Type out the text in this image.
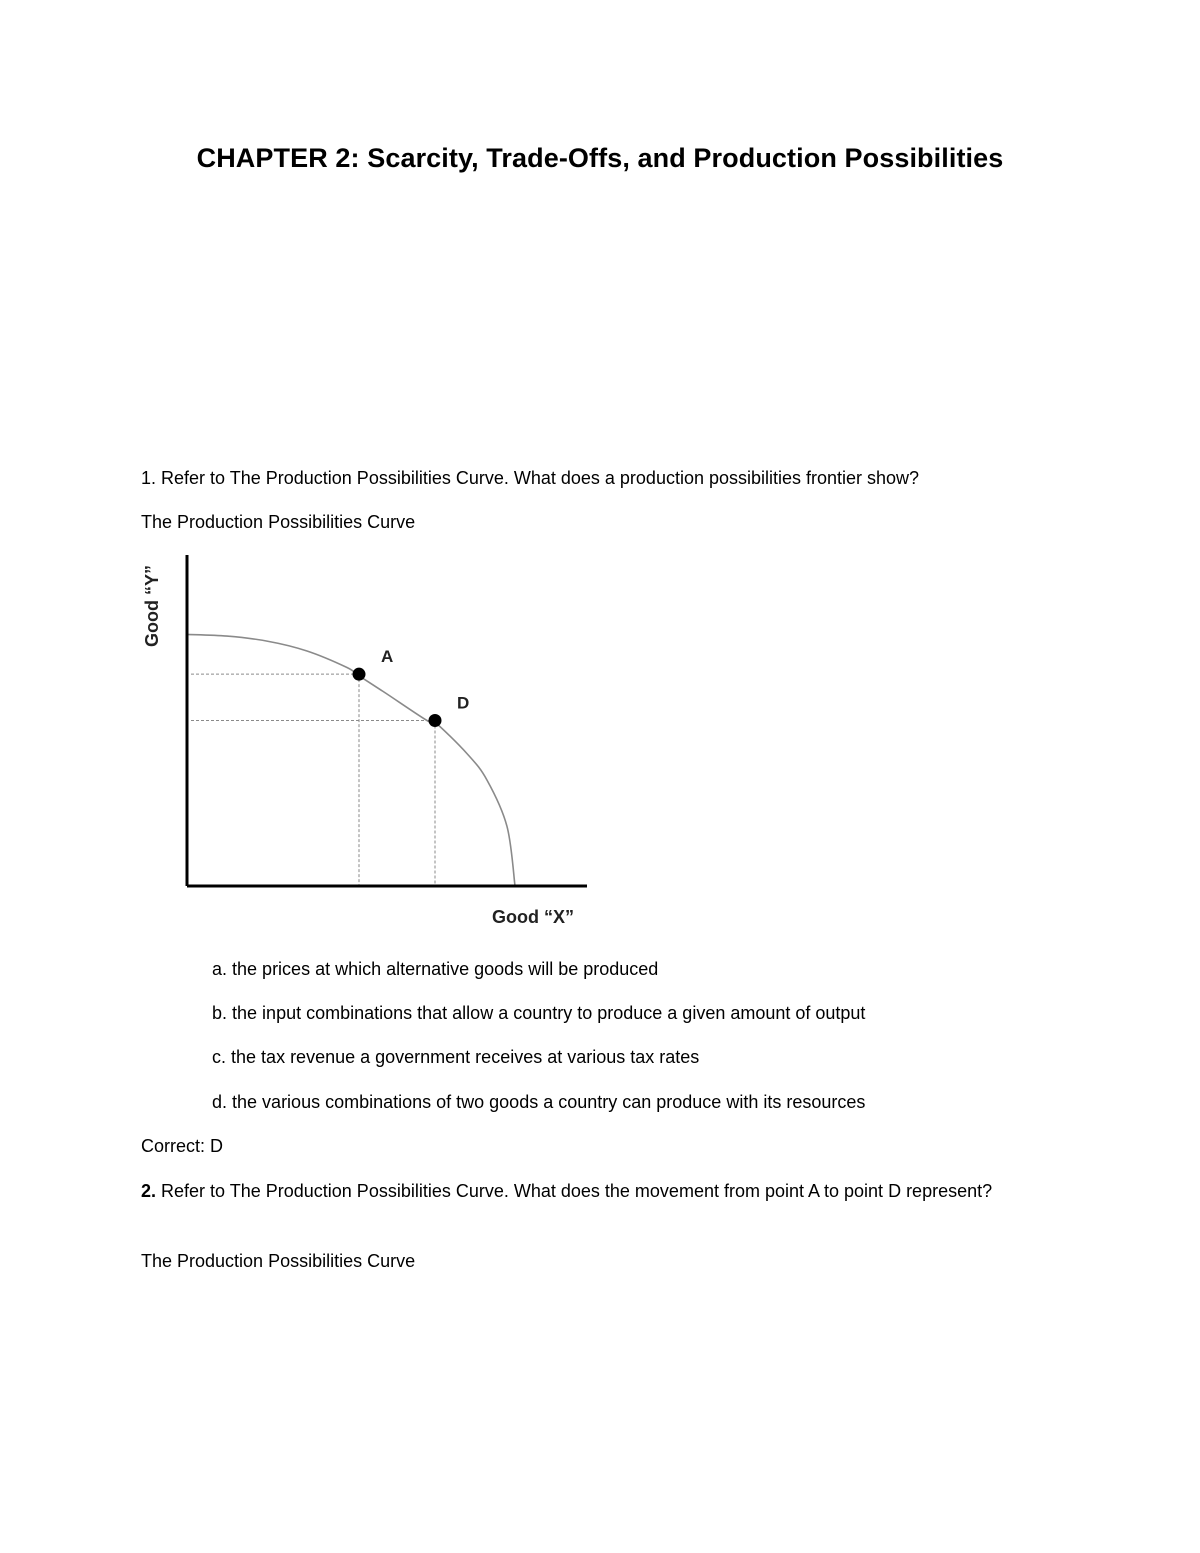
CHAPTER 2: Scarcity, Trade-Offs, and Production Possibilities
1. Refer to The Production Possibilities Curve. What does a production possibilities frontier show?
The Production Possibilities Curve
A
D
Good “Y”
Good “X”
a. the prices at which alternative goods will be produced
b. the input combinations that allow a country to produce a given amount of output
c. the tax revenue a government receives at various tax rates
d. the various combinations of two goods a country can produce with its resources
Correct: D
2. Refer to The Production Possibilities Curve. What does the movement from point A to point D represent?
The Production Possibilities Curve
